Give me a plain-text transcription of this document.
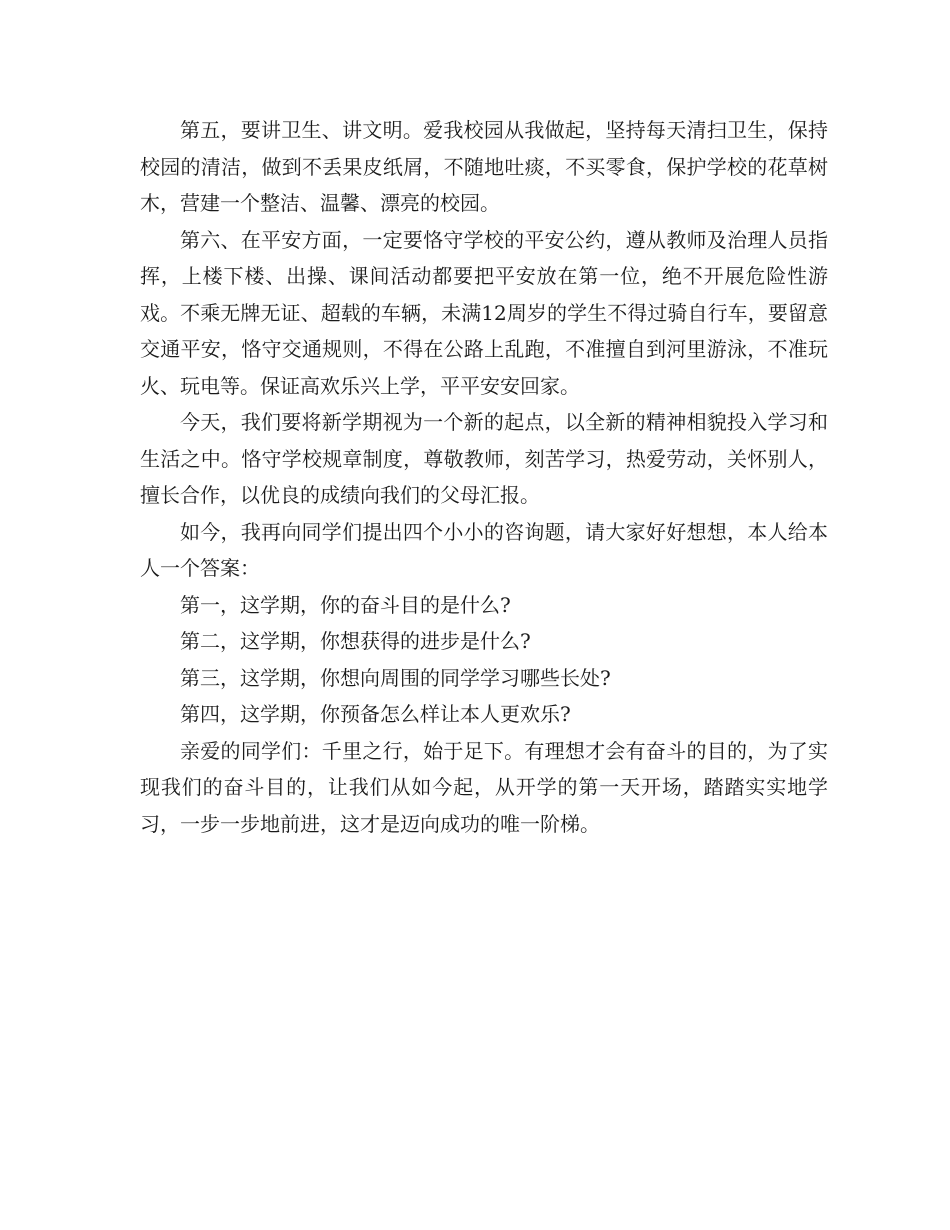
第五，要讲卫生、讲文明。爱我校园从我做起，坚持每天清扫卫生，保持校园的清洁，做到不丢果皮纸屑，不随地吐痰，不买零食，保护学校的花草树木，营建一个整洁、温馨、漂亮的校园。

第六、在平安方面，一定要恪守学校的平安公约，遵从教师及治理人员指挥，上楼下楼、出操、课间活动都要把平安放在第一位，绝不开展危险性游戏。不乘无牌无证、超载的车辆，未满12周岁的学生不得过骑自行车，要留意交通平安，恪守交通规则，不得在公路上乱跑，不准擅自到河里游泳，不准玩火、玩电等。保证高欢乐兴上学，平平安安回家。

今天，我们要将新学期视为一个新的起点，以全新的精神相貌投入学习和生活之中。恪守学校规章制度，尊敬教师，刻苦学习，热爱劳动，关怀别人，擅长合作，以优良的成绩向我们的父母汇报。

如今，我再向同学们提出四个小小的咨询题，请大家好好想想，本人给本人一个答案：

第一，这学期，你的奋斗目的是什么?

第二，这学期，你想获得的进步是什么?

第三，这学期，你想向周围的同学学习哪些长处?

第四，这学期，你预备怎么样让本人更欢乐?

亲爱的同学们：千里之行，始于足下。有理想才会有奋斗的目的，为了实现我们的奋斗目的，让我们从如今起，从开学的第一天开场，踏踏实实地学习，一步一步地前进，这才是迈向成功的唯一阶梯。
